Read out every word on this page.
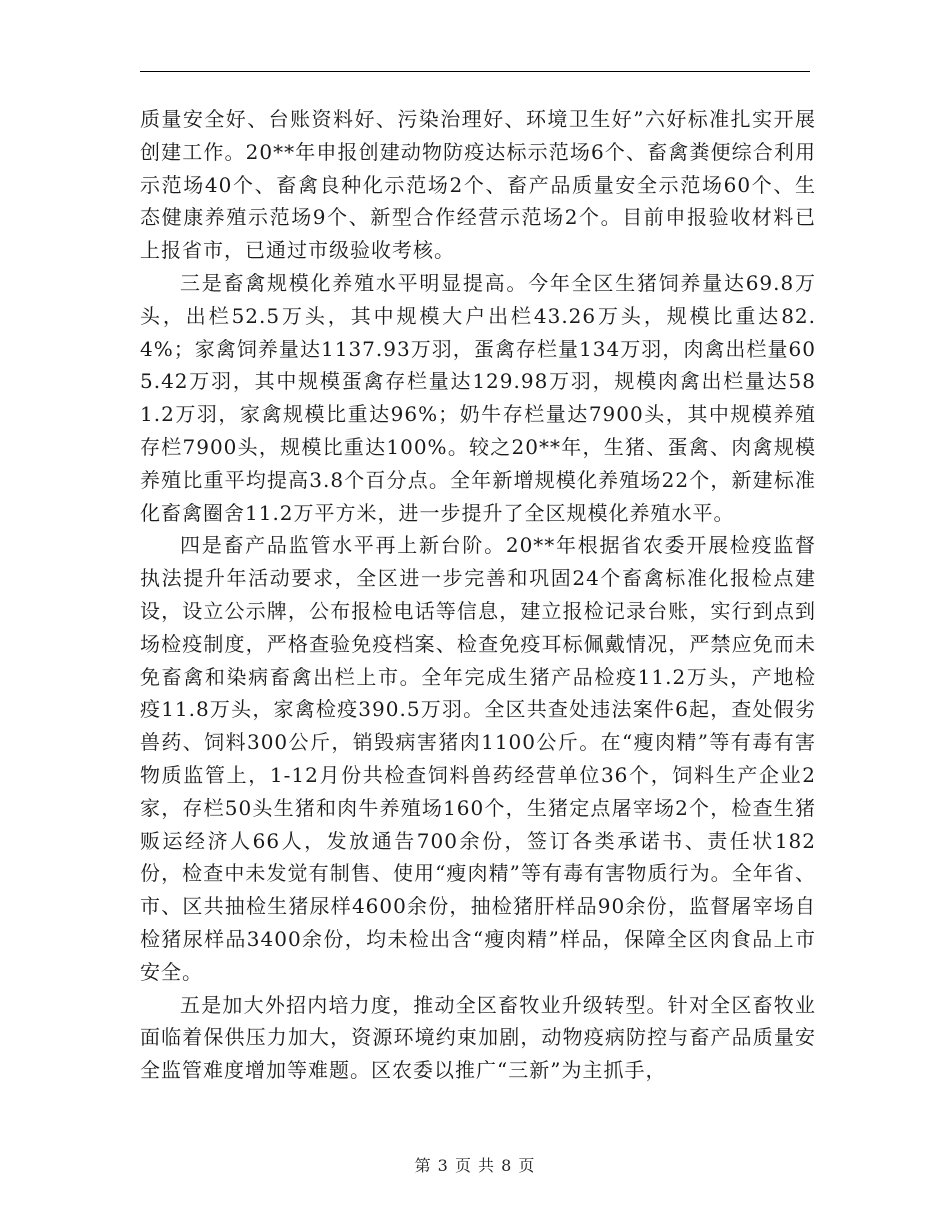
质量安全好、台账资料好、污染治理好、环境卫生好”六好标准扎实开展创建工作。20**年申报创建动物防疫达标示范场6个、畜禽粪便综合利用示范场40个、畜禽良种化示范场2个、畜产品质量安全示范场60个、生态健康养殖示范场9个、新型合作经营示范场2个。目前申报验收材料已上报省市，已通过市级验收考核。

三是畜禽规模化养殖水平明显提高。今年全区生猪饲养量达69.8万头，出栏52.5万头，其中规模大户出栏43.26万头，规模比重达82.4%；家禽饲养量达1137.93万羽，蛋禽存栏量134万羽，肉禽出栏量605.42万羽，其中规模蛋禽存栏量达129.98万羽，规模肉禽出栏量达581.2万羽，家禽规模比重达96%；奶牛存栏量达7900头，其中规模养殖存栏7900头，规模比重达100%。较之20**年，生猪、蛋禽、肉禽规模养殖比重平均提高3.8个百分点。全年新增规模化养殖场22个，新建标准化畜禽圈舍11.2万平方米，进一步提升了全区规模化养殖水平。

四是畜产品监管水平再上新台阶。20**年根据省农委开展检疫监督执法提升年活动要求，全区进一步完善和巩固24个畜禽标准化报检点建设，设立公示牌，公布报检电话等信息，建立报检记录台账，实行到点到场检疫制度，严格查验免疫档案、检查免疫耳标佩戴情况，严禁应免而未免畜禽和染病畜禽出栏上市。全年完成生猪产品检疫11.2万头，产地检疫11.8万头，家禽检疫390.5万羽。全区共查处违法案件6起，查处假劣兽药、饲料300公斤，销毁病害猪肉1100公斤。在“瘦肉精”等有毒有害物质监管上，1-12月份共检查饲料兽药经营单位36个，饲料生产企业2家，存栏50头生猪和肉牛养殖场160个，生猪定点屠宰场2个，检查生猪贩运经济人66人，发放通告700余份，签订各类承诺书、责任状182份，检查中未发觉有制售、使用“瘦肉精”等有毒有害物质行为。全年省、市、区共抽检生猪尿样4600余份，抽检猪肝样品90余份，监督屠宰场自检猪尿样品3400余份，均未检出含“瘦肉精”样品，保障全区肉食品上市安全。

五是加大外招内培力度，推动全区畜牧业升级转型。针对全区畜牧业面临着保供压力加大，资源环境约束加剧，动物疫病防控与畜产品质量安全监管难度增加等难题。区农委以推广“三新”为主抓手，

第 3 页 共 8 页
